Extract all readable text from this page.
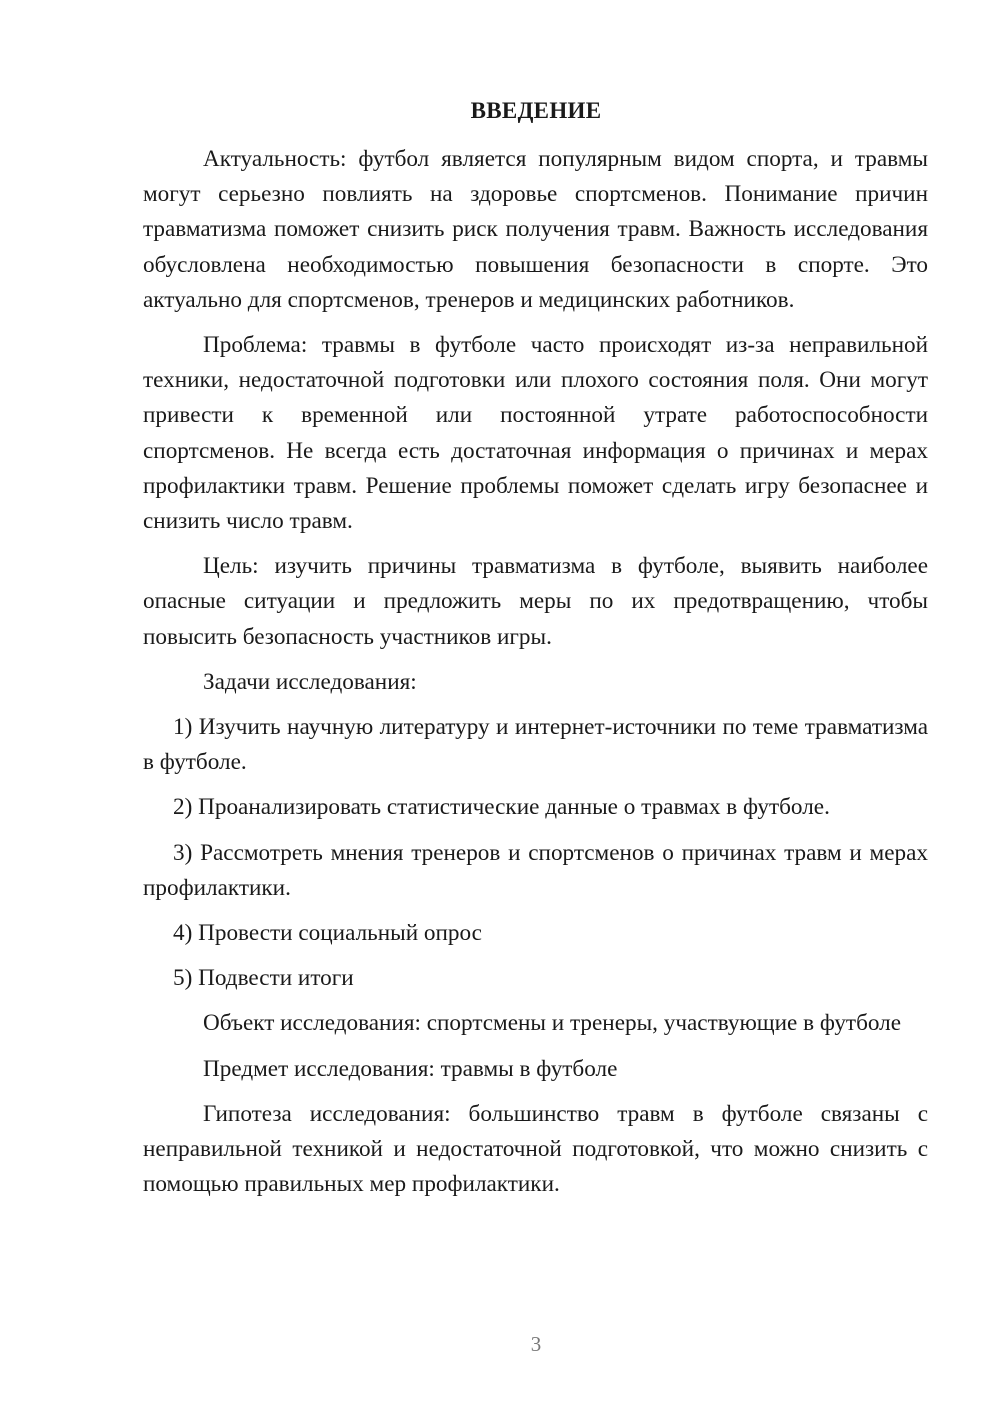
ВВЕДЕНИЕ

Актуальность: футбол является популярным видом спорта, и травмы могут серьезно повлиять на здоровье спортсменов. Понимание причин травматизма поможет снизить риск получения травм. Важность исследования обусловлена необходимостью повышения безопасности в спорте. Это актуально для спортсменов, тренеров и медицинских работников.

Проблема: травмы в футболе часто происходят из-за неправильной техники, недостаточной подготовки или плохого состояния поля. Они могут привести к временной или постоянной утрате работоспособности спортсменов. Не всегда есть достаточная информация о причинах и мерах профилактики травм. Решение проблемы поможет сделать игру безопаснее и снизить число травм.

Цель: изучить причины травматизма в футболе, выявить наиболее опасные ситуации и предложить меры по их предотвращению, чтобы повысить безопасность участников игры.

Задачи исследования:

1) Изучить научную литературу и интернет-источники по теме травматизма в футболе.

2) Проанализировать статистические данные о травмах в футболе.

3) Рассмотреть мнения тренеров и спортсменов о причинах травм и мерах профилактики.

4) Провести социальный опрос

5) Подвести итоги

Объект исследования: спортсмены и тренеры, участвующие в футболе

Предмет исследования: травмы в футболе

Гипотеза исследования: большинство травм в футболе связаны с неправильной техникой и недостаточной подготовкой, что можно снизить с помощью правильных мер профилактики.

3
